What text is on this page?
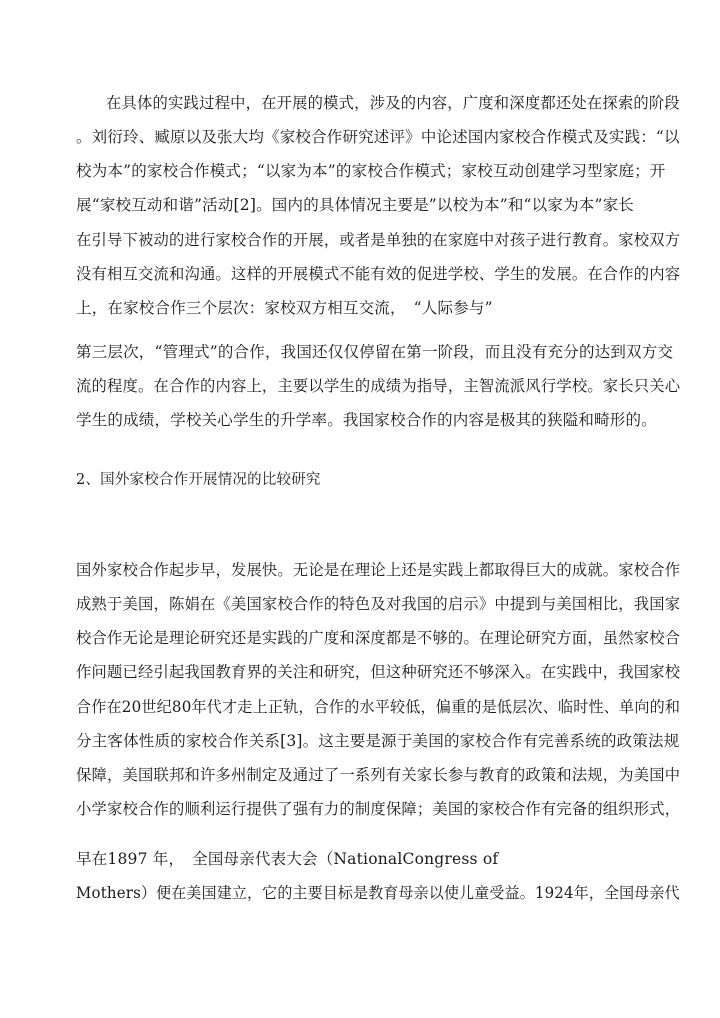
在具体的实践过程中，在开展的模式，涉及的内容，广度和深度都还处在探索的阶段
。刘衍玲、臧原以及张大均《家校合作研究述评》中论述国内家校合作模式及实践：“以
校为本”的家校合作模式；“以家为本”的家校合作模式；家校互动创建学习型家庭；开
展“家校互动和谐”活动[2]。国内的具体情况主要是”以校为本”和“以家为本”家长
在引导下被动的进行家校合作的开展，或者是单独的在家庭中对孩子进行教育。家校双方
没有相互交流和沟通。这样的开展模式不能有效的促进学校、学生的发展。在合作的内容
上，在家校合作三个层次：家校双方相互交流，　“人际参与”
第三层次，“管理式”的合作，我国还仅仅停留在第一阶段，而且没有充分的达到双方交
流的程度。在合作的内容上，主要以学生的成绩为指导，主智流派风行学校。家长只关心
学生的成绩，学校关心学生的升学率。我国家校合作的内容是极其的狭隘和畸形的。
2、国外家校合作开展情况的比较研究
国外家校合作起步早，发展快。无论是在理论上还是实践上都取得巨大的成就。家校合作
成熟于美国，陈娟在《美国家校合作的特色及对我国的启示》中提到与美国相比，我国家
校合作无论是理论研究还是实践的广度和深度都是不够的。在理论研究方面，虽然家校合
作问题已经引起我国教育界的关注和研究，但这种研究还不够深入。在实践中，我国家校
合作在20世纪80年代才走上正轨，合作的水平较低，偏重的是低层次、临时性、单向的和
分主客体性质的家校合作关系[3]。这主要是源于美国的家校合作有完善系统的政策法规
保障，美国联邦和许多州制定及通过了一系列有关家长参与教育的政策和法规，为美国中
小学家校合作的顺利运行提供了强有力的制度保障；美国的家校合作有完备的组织形式，
早在1897 年，　全国母亲代表大会（NationalCongress of
Mothers）便在美国建立，它的主要目标是教育母亲以使儿童受益。1924年，全国母亲代
